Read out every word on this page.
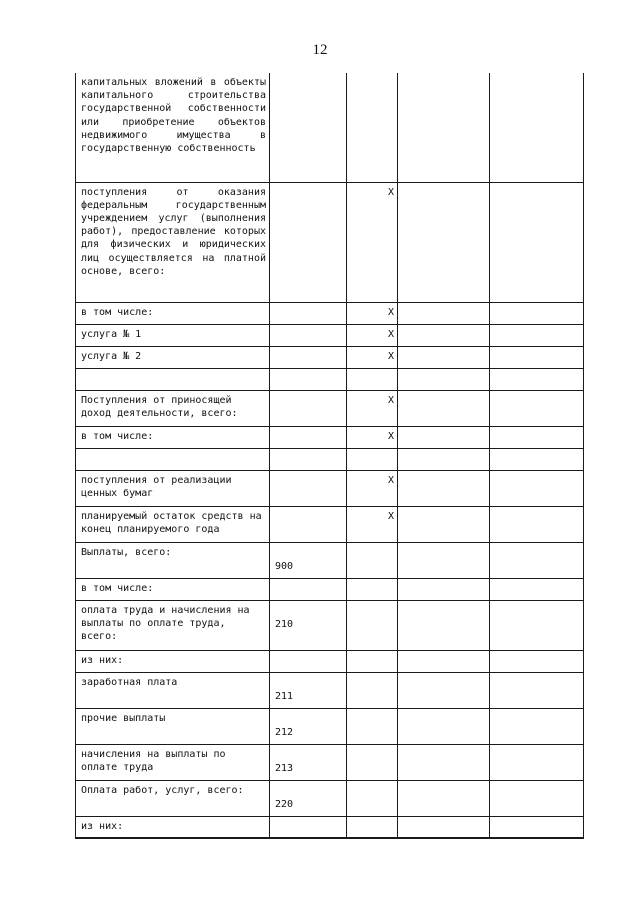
12
капитальных вложений в объекты капитального строительства государственной собственности или приобретение объектов недвижимого имущества в государственную собственность				
поступления от оказания федеральным государственным учреждением услуг (выполнения работ), предоставление которых для физических и юридических лиц осуществляется на платной основе, всего:		X		
в том числе:		X		
услуга № 1		X		
услуга № 2		X		

Поступления от приносящей доход деятельности, всего:		X		
в том числе:		X		

поступления от реализации ценных бумаг		X		
планируемый остаток средств на конец планируемого года		X		
Выплаты, всего:	900			
в том числе:				
оплата труда и начисления на выплаты по оплате труда, всего:	210			
из них:				
заработная плата	211			
прочие выплаты	212			
начисления на выплаты по оплате труда	213			
Оплата работ, услуг, всего:	220			
из них:				
